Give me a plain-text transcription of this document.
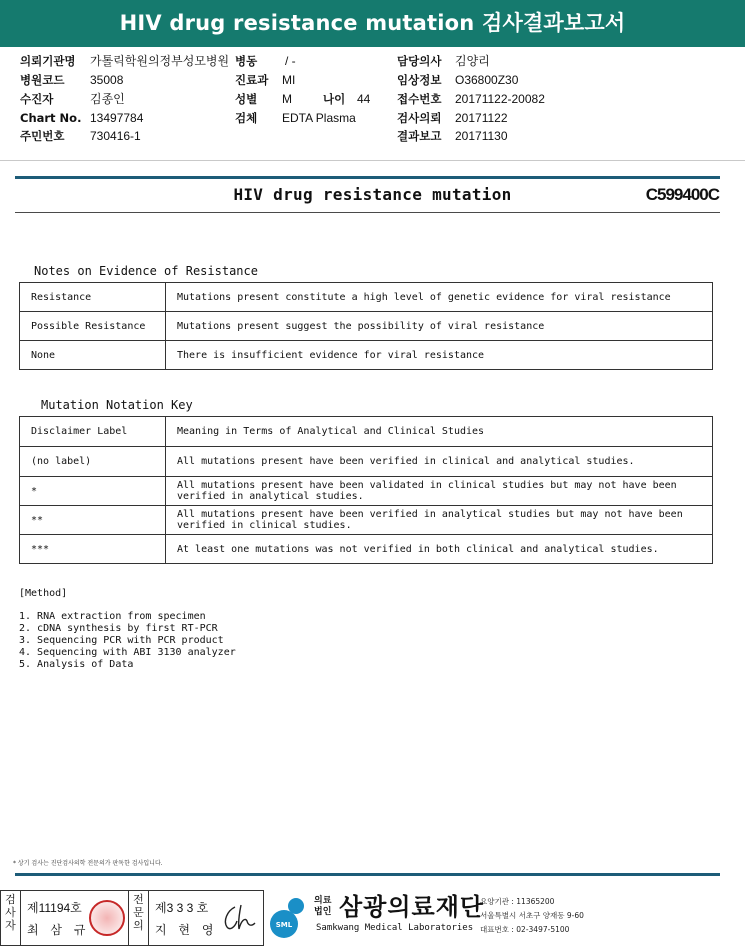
HIV drug resistance mutation 검사결과보고서
의뢰기관명 가톨릭학원의정부성모병원 병동 / -	담당의사 김양리
병원코드 35008	진료과 MI	임상정보 O36800Z30
수진자	김종인	성별 M	나이 44 접수번호 20171122-20082
Chart No. 13497784	검체 EDTA Plasma	검사의뢰 20171122
주민번호 730416-1	결과보고 20171130
HIV drug resistance mutation	C599400C
Notes on Evidence of Resistance
Resistance	Mutations present constitute a high level of genetic evidence for viral resistance
Possible Resistance	Mutations present suggest the possibility of viral resistance
None	There is insufficient evidence for viral resistance
Mutation Notation Key
Disclaimer Label	Meaning in Terms of Analytical and Clinical Studies
(no label)	All mutations present have been verified in clinical and analytical studies.
*	All mutations present have been validated in clinical studies but may not have been verified in analytical studies.
**	All mutations present have been verified in analytical studies but may not have been verified in clinical studies.
***	At least one mutations was not verified in both clinical and analytical studies.
[Method]
1. RNA extraction from specimen
2. cDNA synthesis by first RT-PCR
3. Sequencing PCR with PCR product
4. Sequencing with ABI 3130 analyzer
5. Analysis of Data
* 상기 검사는 진단검사의학 전문의가 판독한 검사입니다.
검사자
제11194호
최 삼 규
전문의
제3 3 3 호
지 현 영	SML
의료
법인 삼광의료재단
Samkwang Medical Laboratories
요양기관 : 11365200
서울특별시 서초구 양재동 9-60
대표번호 : 02-3497-5100
